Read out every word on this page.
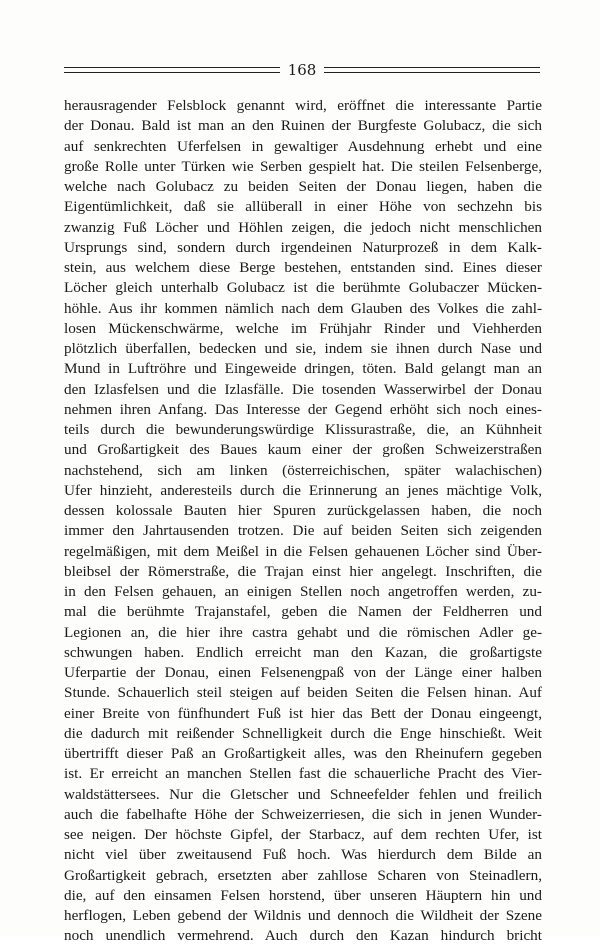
168
herausragender Felsblock genannt wird, eröffnet die interessante Partie
der Donau. Bald ist man an den Ruinen der Burgfeste Golubacz, die sich
auf senkrechten Uferfelsen in gewaltiger Ausdehnung erhebt und eine
große Rolle unter Türken wie Serben gespielt hat. Die steilen Felsenberge,
welche nach Golubacz zu beiden Seiten der Donau liegen, haben die
Eigentümlichkeit, daß sie allüberall in einer Höhe von sechzehn bis
zwanzig Fuß Löcher und Höhlen zeigen, die jedoch nicht menschlichen
Ursprungs sind, sondern durch irgendeinen Naturprozeß in dem Kalk-
stein, aus welchem diese Berge bestehen, entstanden sind. Eines dieser
Löcher gleich unterhalb Golubacz ist die berühmte Golubaczer Mücken-
höhle. Aus ihr kommen nämlich nach dem Glauben des Volkes die zahl-
losen Mückenschwärme, welche im Frühjahr Rinder und Viehherden
plötzlich überfallen, bedecken und sie, indem sie ihnen durch Nase und
Mund in Luftröhre und Eingeweide dringen, töten. Bald gelangt man an
den Izlasfelsen und die Izlasfälle. Die tosenden Wasserwirbel der Donau
nehmen ihren Anfang. Das Interesse der Gegend erhöht sich noch eines-
teils durch die bewunderungswürdige Klissurastraße, die, an Kühnheit
und Großartigkeit des Baues kaum einer der großen Schweizerstraßen
nachstehend, sich am linken (österreichischen, später walachischen)
Ufer hinzieht, anderesteils durch die Erinnerung an jenes mächtige Volk,
dessen kolossale Bauten hier Spuren zurückgelassen haben, die noch
immer den Jahrtausenden trotzen. Die auf beiden Seiten sich zeigenden
regelmäßigen, mit dem Meißel in die Felsen gehauenen Löcher sind Über-
bleibsel der Römerstraße, die Trajan einst hier angelegt. Inschriften, die
in den Felsen gehauen, an einigen Stellen noch angetroffen werden, zu-
mal die berühmte Trajanstafel, geben die Namen der Feldherren und
Legionen an, die hier ihre castra gehabt und die römischen Adler ge-
schwungen haben. Endlich erreicht man den Kazan, die großartigste
Uferpartie der Donau, einen Felsenengpaß von der Länge einer halben
Stunde. Schauerlich steil steigen auf beiden Seiten die Felsen hinan. Auf
einer Breite von fünfhundert Fuß ist hier das Bett der Donau eingeengt,
die dadurch mit reißender Schnelligkeit durch die Enge hinschießt. Weit
übertrifft dieser Paß an Großartigkeit alles, was den Rheinufern gegeben
ist. Er erreicht an manchen Stellen fast die schauerliche Pracht des Vier-
waldstättersees. Nur die Gletscher und Schneefelder fehlen und freilich
auch die fabelhafte Höhe der Schweizerriesen, die sich in jenen Wunder-
see neigen. Der höchste Gipfel, der Starbacz, auf dem rechten Ufer, ist
nicht viel über zweitausend Fuß hoch. Was hierdurch dem Bilde an
Großartigkeit gebrach, ersetzten aber zahllose Scharen von Steinadlern,
die, auf den einsamen Felsen horstend, über unseren Häuptern hin und
herflogen, Leben gebend der Wildnis und dennoch die Wildheit der Szene
noch unendlich vermehrend. Auch durch den Kazan hindurch bricht
